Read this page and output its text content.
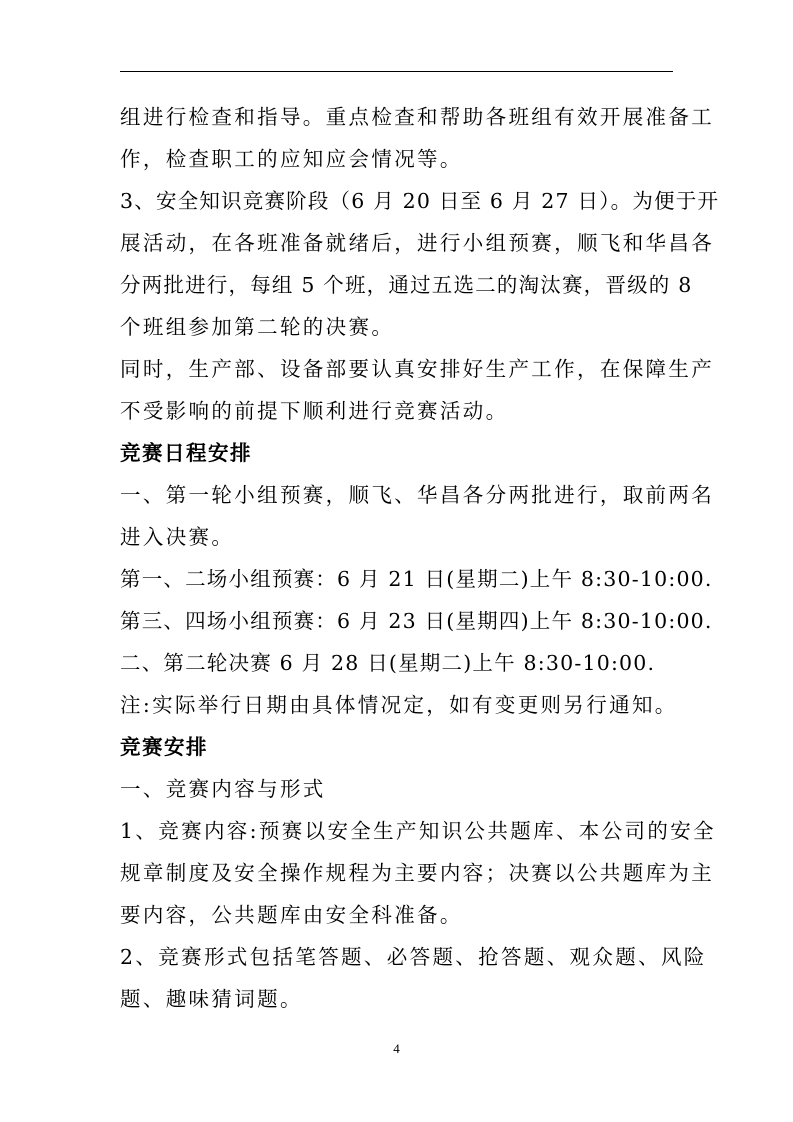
组进行检查和指导。重点检查和帮助各班组有效开展准备工
作，检查职工的应知应会情况等。
3、安全知识竞赛阶段（6 月 20 日至 6 月 27 日）。为便于开
展活动，在各班准备就绪后，进行小组预赛，顺飞和华昌各
分两批进行，每组 5 个班，通过五选二的淘汰赛，晋级的 8
个班组参加第二轮的决赛。
同时，生产部、设备部要认真安排好生产工作，在保障生产
不受影响的前提下顺利进行竞赛活动。
竞赛日程安排
一、第一轮小组预赛，顺飞、华昌各分两批进行，取前两名
进入决赛。
第一、二场小组预赛：6 月 21 日(星期二)上午 8:30-10:00.
第三、四场小组预赛：6 月 23 日(星期四)上午 8:30-10:00.
二、第二轮决赛 6 月 28 日(星期二)上午 8:30-10:00.
注:实际举行日期由具体情况定，如有变更则另行通知。
竞赛安排
一、竞赛内容与形式
1、竞赛内容:预赛以安全生产知识公共题库、本公司的安全
规章制度及安全操作规程为主要内容；决赛以公共题库为主
要内容，公共题库由安全科准备。
2、竞赛形式包括笔答题、必答题、抢答题、观众题、风险
题、趣味猜词题。
4
